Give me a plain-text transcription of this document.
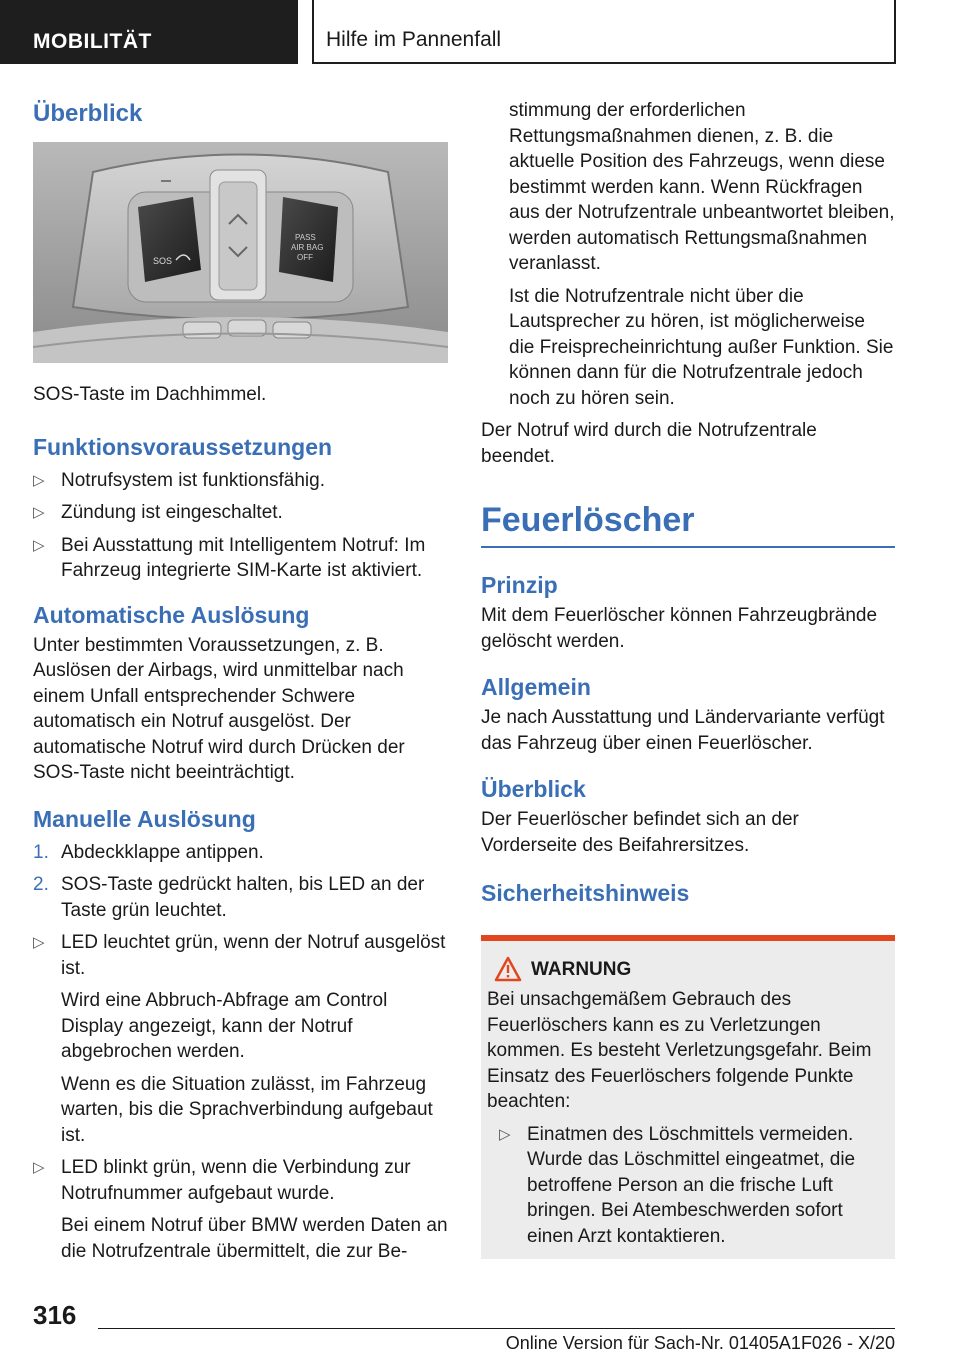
MOBILITÄT	Hilfe im Pannenfall
Überblick
SOS
PASS
AIR BAG
OFF

SOS-Taste im Dachhimmel.

Funktionsvoraussetzungen
▷ Notrufsystem ist funktionsfähig.
▷ Zündung ist eingeschaltet.
▷ Bei Ausstattung mit Intelligentem Notruf: Im Fahrzeug integrierte SIM-Karte ist aktiviert.
Automatische Auslösung

Unter bestimmten Voraussetzungen, z. B. Auslösen der Airbags, wird unmittelbar nach einem Unfall entsprechender Schwere automatisch ein Notruf ausgelöst. Der automatische Notruf wird durch Drücken der SOS-Taste nicht beeinträchtigt.

Manuelle Auslösung
1. Abdeckklappe antippen.
2. SOS-Taste gedrückt halten, bis LED an der Taste grün leuchtet.
▷ LED leuchtet grün, wenn der Notruf ausgelöst ist.
Wird eine Abbruch-Abfrage am Control Display angezeigt, kann der Notruf abgebrochen werden.
Wenn es die Situation zulässt, im Fahrzeug warten, bis die Sprachverbindung aufgebaut ist.
▷ LED blinkt grün, wenn die Verbindung zur Notrufnummer aufgebaut wurde.
Bei einem Notruf über BMW werden Daten an die Notrufzentrale übermittelt, die zur Be-

stimmung der erforderlichen Rettungsmaßnahmen dienen, z. B. die aktuelle Position des Fahrzeugs, wenn diese bestimmt werden kann. Wenn Rückfragen aus der Notrufzentrale unbeantwortet bleiben, werden automatisch Rettungsmaßnahmen veranlasst.

Ist die Notrufzentrale nicht über die Lautsprecher zu hören, ist möglicherweise die Freisprecheinrichtung außer Funktion. Sie können dann für die Notrufzentrale jedoch noch zu hören sein.

Der Notruf wird durch die Notrufzentrale beendet.

Feuerlöscher
Prinzip

Mit dem Feuerlöscher können Fahrzeugbrände gelöscht werden.

Allgemein

Je nach Ausstattung und Ländervariante verfügt das Fahrzeug über einen Feuerlöscher.

Überblick

Der Feuerlöscher befindet sich an der Vorderseite des Beifahrersitzes.

Sicherheitshinweis
WARNUNG

Bei unsachgemäßem Gebrauch des Feuerlöschers kann es zu Verletzungen kommen. Es besteht Verletzungsgefahr. Beim Einsatz des Feuerlöschers folgende Punkte beachten:

▷ Einatmen des Löschmittels vermeiden. Wurde das Löschmittel eingeatmet, die betroffene Person an die frische Luft bringen. Bei Atembeschwerden sofort einen Arzt kontaktieren.
316
Online Version für Sach-Nr. 01405A1F026 - X/20
